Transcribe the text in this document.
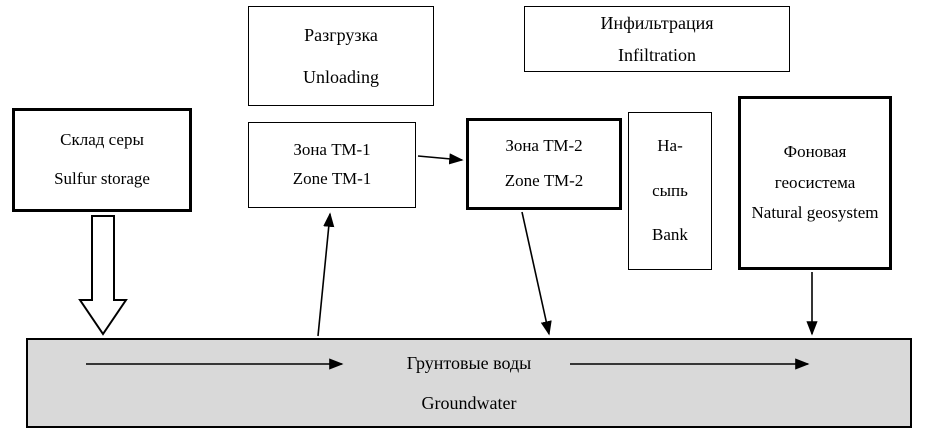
Склад серы
Sulfur storage
Разгрузка
Unloading
Инфильтрация
Infiltration
Зона ТМ-1
Zone ТМ-1
Зона ТМ-2
Zone ТМ-2
На-
сыпь
Bank
Фоновая
геосистема
Natural geosystem
Грунтовые воды
Groundwater
